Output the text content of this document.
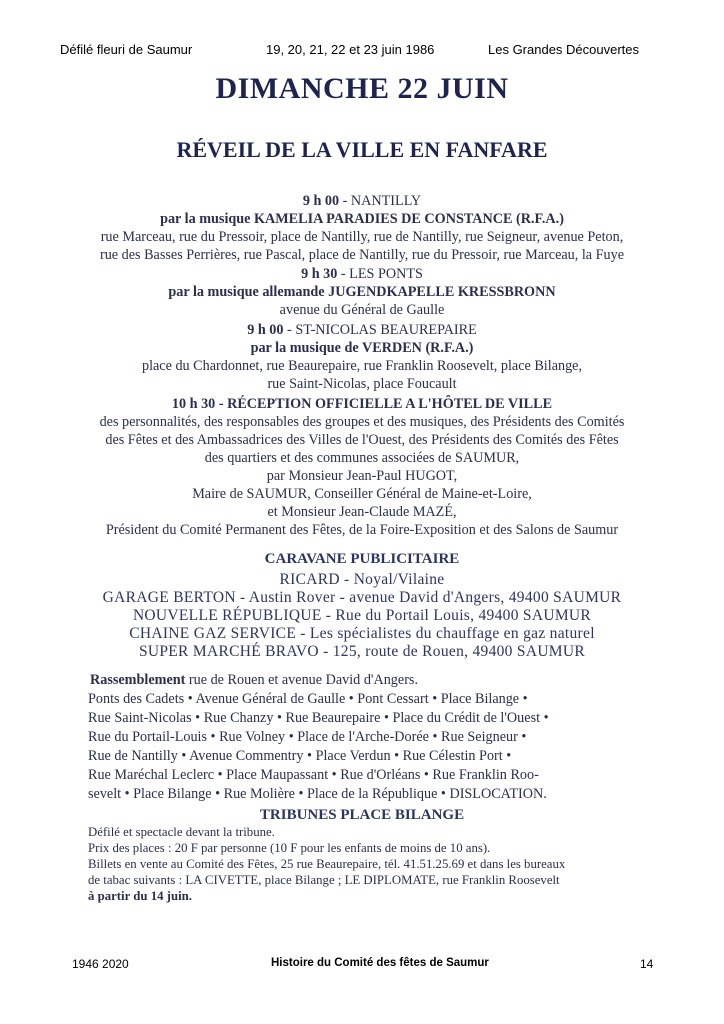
Défilé fleuri de Saumur	19, 20, 21, 22 et 23 juin 1986	Les Grandes Découvertes
DIMANCHE 22 JUIN
RÉVEIL DE LA VILLE EN FANFARE
9 h 00 - NANTILLY
par la musique KAMELIA PARADIES DE CONSTANCE (R.F.A.)
rue Marceau, rue du Pressoir, place de Nantilly, rue de Nantilly, rue Seigneur, avenue Peton,
rue des Basses Perrières, rue Pascal, place de Nantilly, rue du Pressoir, rue Marceau, la Fuye
9 h 30 - LES PONTS
par la musique allemande JUGENDKAPELLE KRESSBRONN
avenue du Général de Gaulle
9 h 00 - ST-NICOLAS BEAUREPAIRE
par la musique de VERDEN (R.F.A.)
place du Chardonnet, rue Beaurepaire, rue Franklin Roosevelt, place Bilange,
rue Saint-Nicolas, place Foucault
10 h 30 - RÉCEPTION OFFICIELLE A L'HÔTEL DE VILLE
des personnalités, des responsables des groupes et des musiques, des Présidents des Comités
des Fêtes et des Ambassadrices des Villes de l'Ouest, des Présidents des Comités des Fêtes
des quartiers et des communes associées de SAUMUR,
par Monsieur Jean-Paul HUGOT,
Maire de SAUMUR, Conseiller Général de Maine-et-Loire,
et Monsieur Jean-Claude MAZÉ,
Président du Comité Permanent des Fêtes, de la Foire-Exposition et des Salons de Saumur
CARAVANE PUBLICITAIRE
RICARD - Noyal/Vilaine
GARAGE BERTON - Austin Rover - avenue David d'Angers, 49400 SAUMUR
NOUVELLE RÉPUBLIQUE - Rue du Portail Louis, 49400 SAUMUR
CHAINE GAZ SERVICE - Les spécialistes du chauffage en gaz naturel
SUPER MARCHÉ BRAVO - 125, route de Rouen, 49400 SAUMUR
Rassemblement rue de Rouen et avenue David d'Angers.
Ponts des Cadets • Avenue Général de Gaulle • Pont Cessart • Place Bilange •
Rue Saint-Nicolas • Rue Chanzy • Rue Beaurepaire • Place du Crédit de l'Ouest •
Rue du Portail-Louis • Rue Volney • Place de l'Arche-Dorée • Rue Seigneur •
Rue de Nantilly • Avenue Commentry • Place Verdun • Rue Célestin Port •
Rue Maréchal Leclerc • Place Maupassant • Rue d'Orléans • Rue Franklin Roo-
sevelt • Place Bilange • Rue Molière • Place de la République • DISLOCATION.
TRIBUNES PLACE BILANGE
Défilé et spectacle devant la tribune.
Prix des places : 20 F par personne (10 F pour les enfants de moins de 10 ans).
Billets en vente au Comité des Fêtes, 25 rue Beaurepaire, tél. 41.51.25.69 et dans les bureaux
de tabac suivants : LA CIVETTE, place Bilange ; LE DIPLOMATE, rue Franklin Roosevelt
à partir du 14 juin.
1946 2020	Histoire du Comité des fêtes de Saumur	14
